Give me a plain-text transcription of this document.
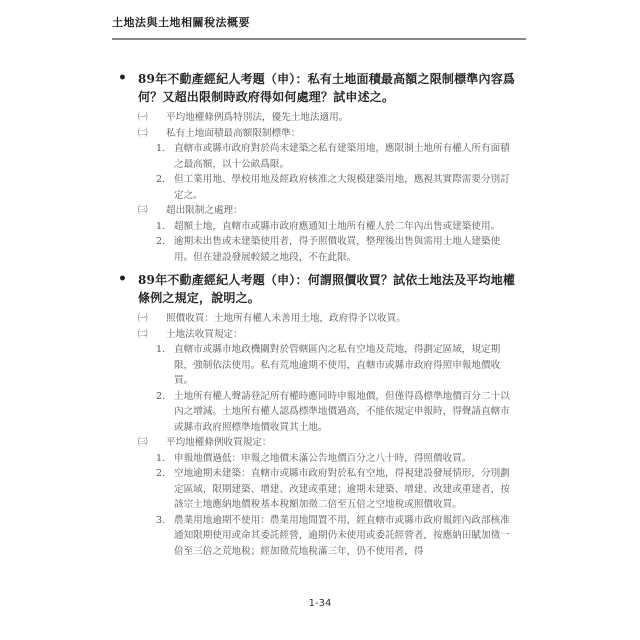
土地法與土地相關稅法概要
• 89年不動產經紀人考題（申）：私有土地面積最高額之限制標準內容爲何？又超出限制時政府得如何處理？試申述之。
㈠ 平均地權條例爲特別法，優先土地法適用。
㈡ 私有土地面積最高額限制標準：
1. 直轄市或縣市政府對於尚未建築之私有建築用地，應限制土地所有權人所有面積之最高額，以十公畝爲限。
2. 但工業用地、學校用地及經政府核准之大規模建築用地，應視其實際需要分別訂定之。
㈢ 超出限制之處理：
1. 超額土地，直轄市或縣市政府應通知土地所有權人於二年內出售或建築使用。
2. 逾期未出售或未建築使用者，得予照價收買，整理後出售與需用土地人建築使用。但在建設發展較緩之地段，不在此限。
• 89年不動產經紀人考題（申）：何謂照價收買？試依土地法及平均地權條例之規定，說明之。
㈠ 照價收買：土地所有權人未善用土地，政府得予以收買。
㈡ 土地法收買規定：
1. 直轄市或縣市地政機關對於管轄區內之私有空地及荒地，得劃定區域，規定期限，強制依法使用。私有荒地逾期不使用，直轄市或縣市政府得照申報地價收買。
2. 土地所有權人聲請登記所有權時應同時申報地價，但僅得爲標準地價百分二十以內之增減。土地所有權人認爲標準地價過高，不能依規定申報時，得聲請直轄市或縣市政府照標準地價收買其土地。
㈢ 平均地權條例收買規定：
1. 申報地價過低：申報之地價未滿公告地價百分之八十時，得照價收買。
2. 空地逾期未建築：直轄市或縣市政府對於私有空地，得視建設發展情形，分別劃定區域，限期建築、增建、改建或重建；逾期未建築、增建、改建或重建者，按該宗土地應納地價稅基本稅額加徵二倍至五倍之空地稅或照價收買。
3. 農業用地逾期不使用：農業用地閒置不用，經直轄市或縣市政府報經內政部核准通知限期使用或命其委託經營，逾期仍未使用或委託經營者，按應納田賦加徵一倍至三倍之荒地稅；經加徵荒地稅滿三年，仍不使用者，得
1-34
